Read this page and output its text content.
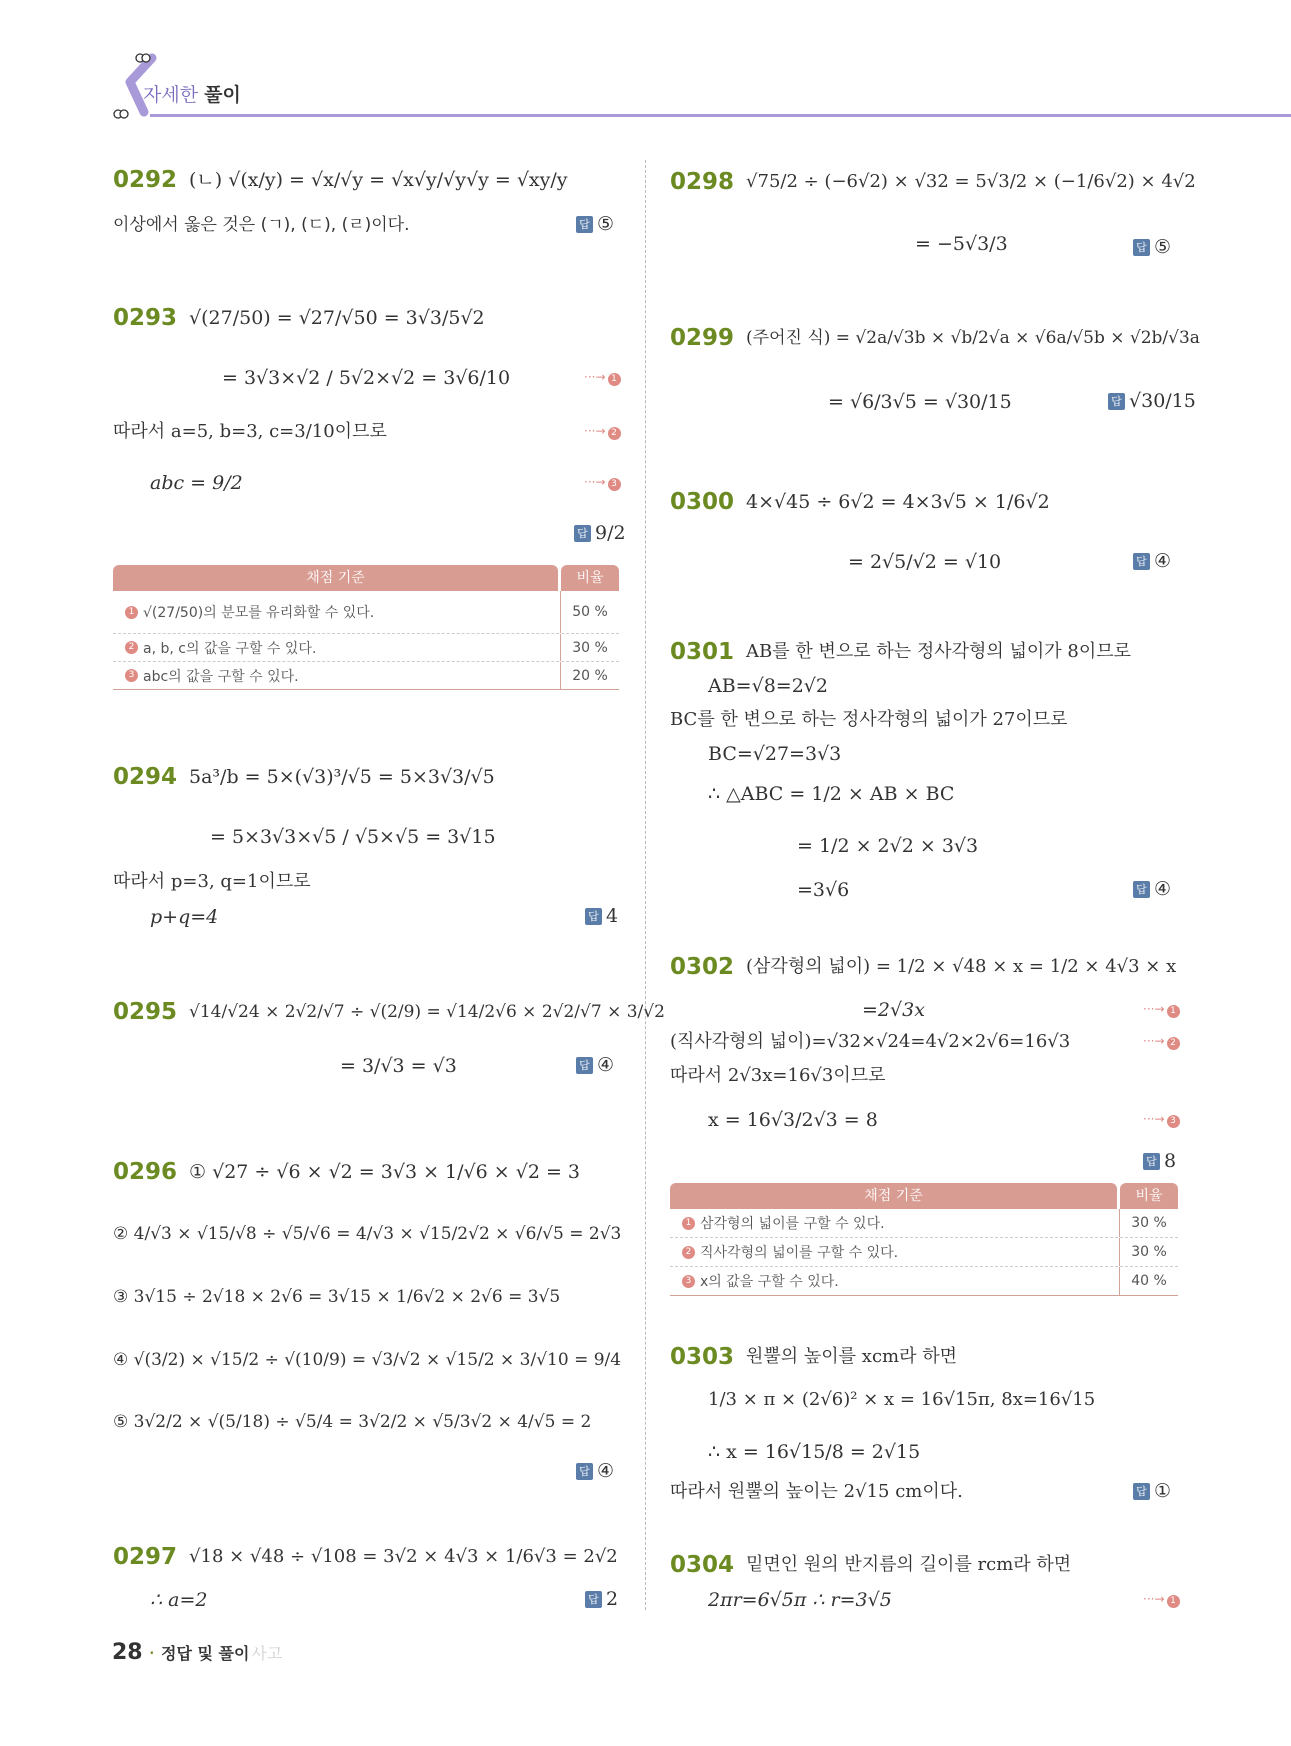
자세한 풀이
0292 (ㄴ) √(x/y) = √x/√y = √x√y/√y√y = √xy/y
이상에서 옳은 것은 (ㄱ), (ㄷ), (ㄹ)이다.	답 ⑤
0293 √(27/50) = √27/√50 = 3√3/5√2
= 3√3×√2 / 5√2×√2 = 3√6/10	···→ 1
따라서 a=5, b=3, c=3/10이므로	···→ 2
abc = 9/2	···→ 3
답 9/2
채점 기준	비율
1 √(27/50)의 분모를 유리화할 수 있다.	50 %
2 a, b, c의 값을 구할 수 있다.	30 %
3 abc의 값을 구할 수 있다.	20 %
0294 5a³/b = 5×(√3)³/√5 = 5×3√3/√5
= 5×3√3×√5 / √5×√5 = 3√15
따라서 p=3, q=1이므로
p+q=4	답 4
0295 √14/√24 × 2√2/√7 ÷ √(2/9) = √14/2√6 × 2√2/√7 × 3/√2
= 3/√3 = √3	답 ④
0296 ① √27 ÷ √6 × √2 = 3√3 × 1/√6 × √2 = 3
② 4/√3 × √15/√8 ÷ √5/√6 = 4/√3 × √15/2√2 × √6/√5 = 2√3
③ 3√15 ÷ 2√18 × 2√6 = 3√15 × 1/6√2 × 2√6 = 3√5
④ √(3/2) × √15/2 ÷ √(10/9) = √3/√2 × √15/2 × 3/√10 = 9/4
⑤ 3√2/2 × √(5/18) ÷ √5/4 = 3√2/2 × √5/3√2 × 4/√5 = 2
답 ④
0297 √18 × √48 ÷ √108 = 3√2 × 4√3 × 1/6√3 = 2√2
∴ a=2	답 2
0298 √75/2 ÷ (−6√2) × √32 = 5√3/2 × (−1/6√2) × 4√2
= −5√3/3	답 ⑤
0299 (주어진 식) = √2a/√3b × √b/2√a × √6a/√5b × √2b/√3a
= √6/3√5 = √30/15	답 √30/15
0300 4×√45 ÷ 6√2 = 4×3√5 × 1/6√2
= 2√5/√2 = √10	답 ④
0301 AB를 한 변으로 하는 정사각형의 넓이가 8이므로
AB=√8=2√2
BC를 한 변으로 하는 정사각형의 넓이가 27이므로
BC=√27=3√3
∴ △ABC = 1/2 × AB × BC
= 1/2 × 2√2 × 3√3
=3√6	답 ④
0302 (삼각형의 넓이) = 1/2 × √48 × x = 1/2 × 4√3 × x
=2√3x	···→ 1
(직사각형의 넓이)=√32×√24=4√2×2√6=16√3	···→ 2
따라서 2√3x=16√3이므로
x = 16√3/2√3 = 8	···→ 3
답 8
채점 기준	비율
1 삼각형의 넓이를 구할 수 있다.	30 %
2 직사각형의 넓이를 구할 수 있다.	30 %
3 x의 값을 구할 수 있다.	40 %
0303 원뿔의 높이를 xcm라 하면
1/3 × π × (2√6)² × x = 16√15π, 8x=16√15
∴ x = 16√15/8 = 2√15
따라서 원뿔의 높이는 2√15 cm이다.	답 ①
0304 밑면인 원의 반지름의 길이를 rcm라 하면
2πr=6√5π ∴ r=3√5	···→ 1
28 · 정답 및 풀이 사고
